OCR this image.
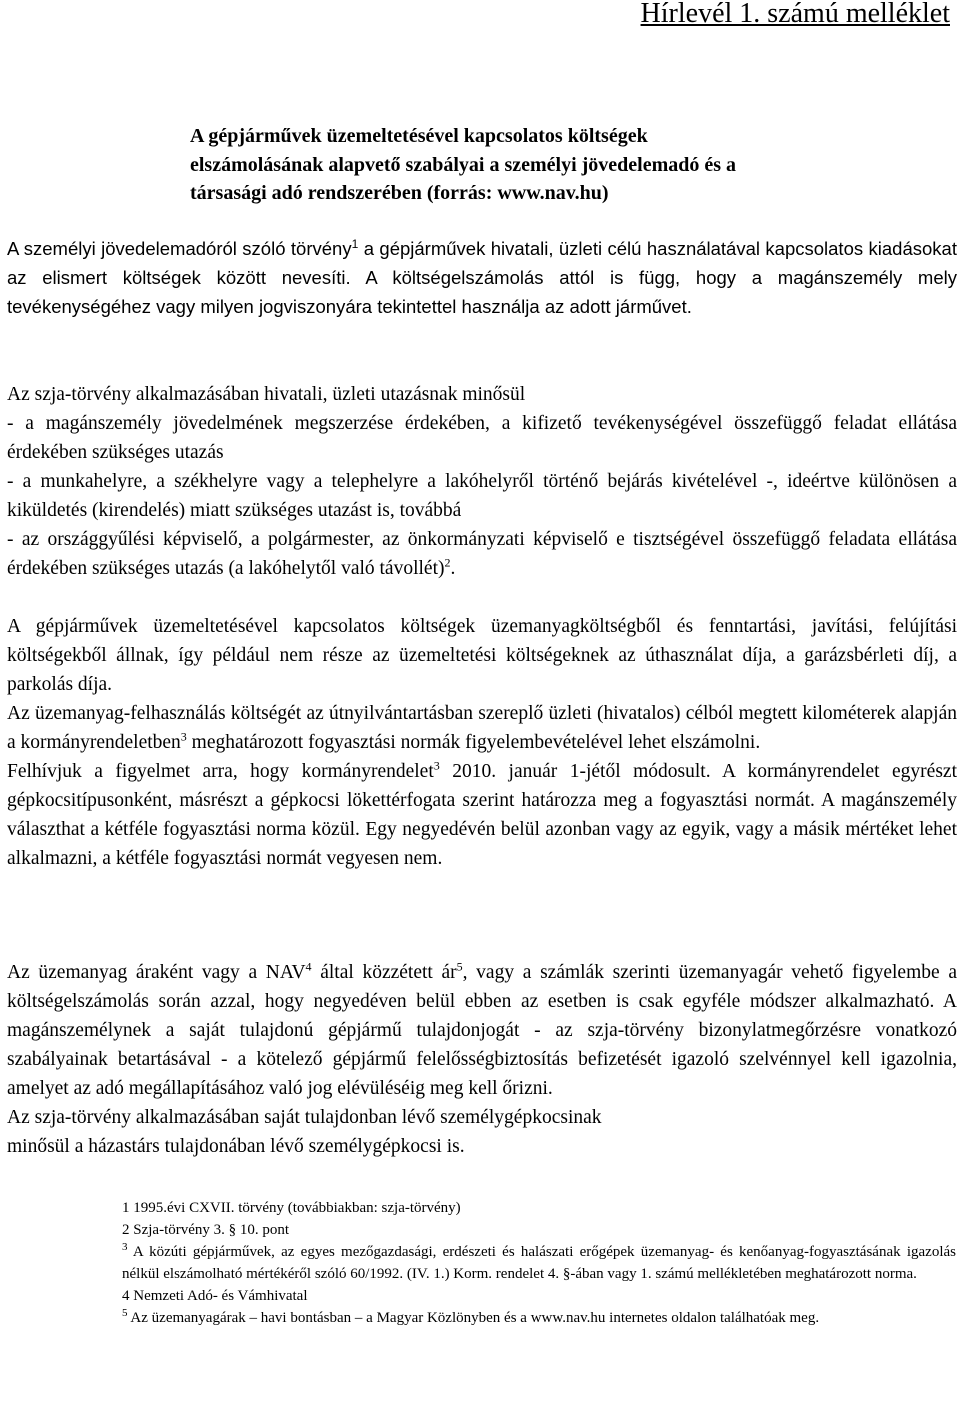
Hírlevél 1. számú melléklet
A gépjárművek üzemeltetésével kapcsolatos költségek
elszámolásának alapvető szabályai a személyi jövedelemadó és a
társasági adó rendszerében (forrás: www.nav.hu)

A személyi jövedelemadóról szóló törvény$^1$ a gépjárművek hivatali, üzleti célú használatával kapcsolatos kiadásokat az elismert költségek között nevesíti. A költségelszámolás attól is függ, hogy a magánszemély mely tevékenységéhez vagy milyen jogviszonyára tekintettel használja az adott járművet.

Az szja-törvény alkalmazásában hivatali, üzleti utazásnak minősül

- a magánszemély jövedelmének megszerzése érdekében, a kifizető tevékenységével összefüggő feladat ellátása érdekében szükséges utazás

- a munkahelyre, a székhelyre vagy a telephelyre a lakóhelyről történő bejárás kivételével -, ideértve különösen a kiküldetés (kirendelés) miatt szükséges utazást is, továbbá

- az országgyűlési képviselő, a polgármester, az önkormányzati képviselő e tisztségével összefüggő feladata ellátása érdekében szükséges utazás (a lakóhelytől való távollét)$^2$.

A gépjárművek üzemeltetésével kapcsolatos költségek üzemanyagköltségből és fenntartási, javítási, felújítási költségekből állnak, így például nem része az üzemeltetési költségeknek az úthasználat díja, a garázsbérleti díj, a parkolás díja.

Az üzemanyag-felhasználás költségét az útnyilvántartásban szereplő üzleti (hivatalos) célból megtett kilométerek alapján a kormányrendeletben$^3$ meghatározott fogyasztási normák figyelembevételével lehet elszámolni.

Felhívjuk a figyelmet arra, hogy kormányrendelet$^3$ 2010. január 1-jétől módosult. A kormányrendelet egyrészt gépkocsitípusonként, másrészt a gépkocsi lökettérfogata szerint határozza meg a fogyasztási normát. A magánszemély választhat a kétféle fogyasztási norma közül. Egy negyedévén belül azonban vagy az egyik, vagy a másik mértéket lehet alkalmazni, a kétféle fogyasztási normát vegyesen nem.

Az üzemanyag áraként vagy a NAV$^4$ által közzétett $ár^5$, vagy a számlák szerinti üzemanyagár vehető figyelembe a költségelszámolás során azzal, hogy negyedéven belül ebben az esetben is csak egyféle módszer alkalmazható. A magánszemélynek a saját tulajdonú gépjármű tulajdonjogát - az szja-törvény bizonylatmegőrzésre vonatkozó szabályainak betartásával - a kötelező gépjármű felelősségbiztosítás befizetését igazoló szelvénnyel kell igazolnia, amelyet az adó megállapításához való jog elévüléséig meg kell őrizni.

Az szja-törvény alkalmazásában saját tulajdonban lévő személygépkocsinak
minősül a házastárs tulajdonában lévő személygépkocsi is.

1 1995.évi CXVII. törvény (továbbiakban: szja-törvény)

2 Szja-törvény 3. § 10. pont

$^3$ A közúti gépjárművek, az egyes mezőgazdasági, erdészeti és halászati erőgépek üzemanyag- és kenőanyag-fogyasztásának igazolás nélkül elszámolható mértékéről szóló 60/1992. (IV. 1.) Korm. rendelet 4. §-ában vagy 1. számú mellékletében meghatározott norma.

4 Nemzeti Adó- és Vámhivatal

$^5$ Az üzemanyagárak – havi bontásban – a Magyar Közlönyben és a www.nav.hu internetes oldalon találhatóak meg.
